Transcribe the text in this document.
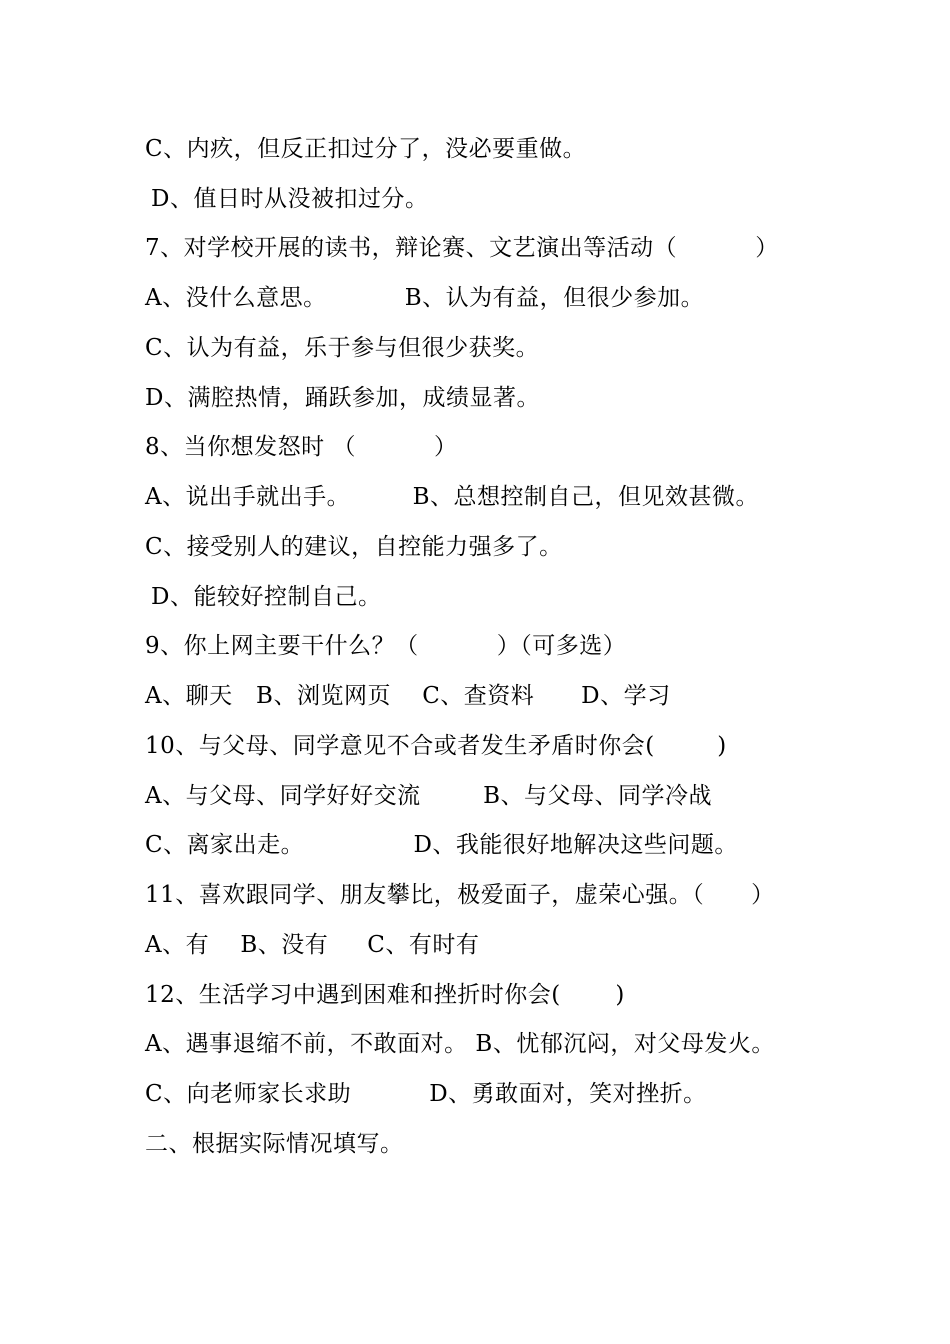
C、内疚，但反正扣过分了，没必要重做。
D、值日时从没被扣过分。
7、对学校开展的读书，辩论赛、文艺演出等活动（          ）
A、没什么意思。          B、认为有益，但很少参加。
C、认为有益，乐于参与但很少获奖。
D、满腔热情，踊跃参加，成绩显著。
8、当你想发怒时 （          ）
A、说出手就出手。        B、总想控制自己，但见效甚微。
C、接受别人的建议，自控能力强多了。
D、能较好控制自己。
9、你上网主要干什么？（          ）（可多选）
A、聊天   B、浏览网页    C、查资料      D、学习
10、与父母、同学意见不合或者发生矛盾时你会(        )
A、与父母、同学好好交流        B、与父母、同学冷战
C、离家出走。              D、我能很好地解决这些问题。
11、喜欢跟同学、朋友攀比，极爱面子，虚荣心强。（      ）
A、有    B、没有     C、有时有
12、生活学习中遇到困难和挫折时你会(       )
A、遇事退缩不前，不敢面对。 B、忧郁沉闷，对父母发火。
C、向老师家长求助          D、勇敢面对，笑对挫折。
二、根据实际情况填写。
